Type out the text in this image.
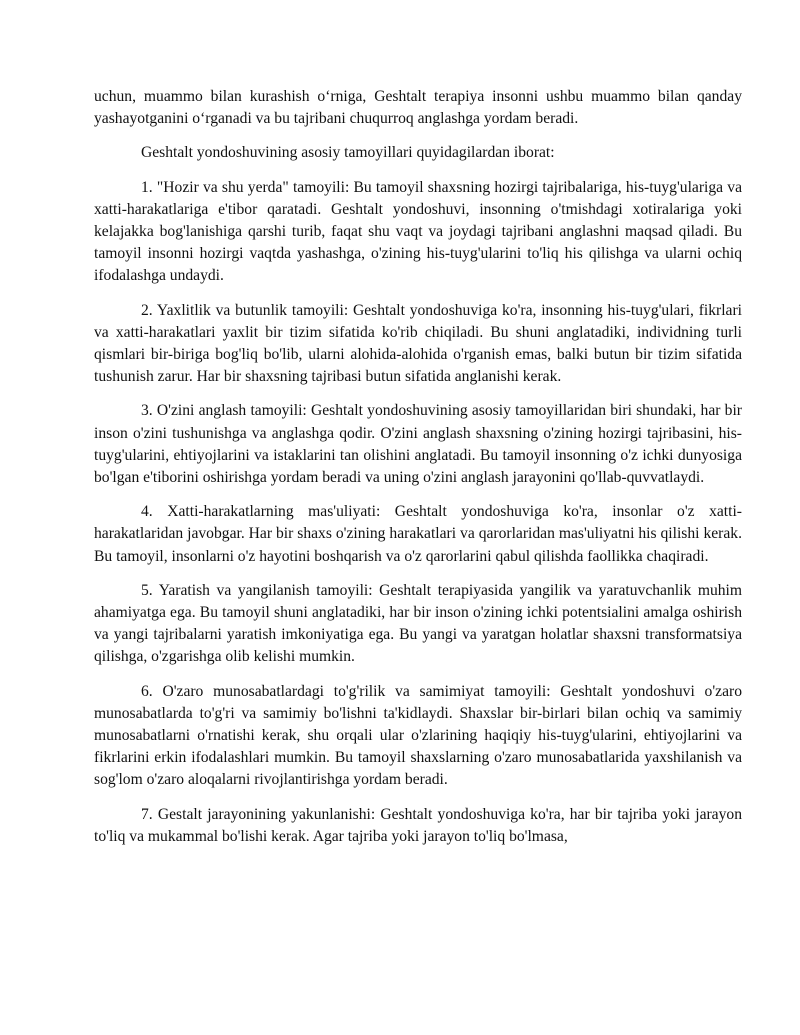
uchun, muammo bilan kurashish o‘rniga, Geshtalt terapiya insonni ushbu muammo bilan qanday yashayotganini o‘rganadi va bu tajribani chuqurroq anglashga yordam beradi.

Geshtalt yondoshuvining asosiy tamoyillari quyidagilardan iborat:

1. "Hozir va shu yerda" tamoyili: Bu tamoyil shaxsning hozirgi tajribalariga, his-tuyg'ulariga va xatti-harakatlariga e'tibor qaratadi. Geshtalt yondoshuvi, insonning o'tmishdagi xotiralariga yoki kelajakka bog'lanishiga qarshi turib, faqat shu vaqt va joydagi tajribani anglashni maqsad qiladi. Bu tamoyil insonni hozirgi vaqtda yashashga, o'zining his-tuyg'ularini to'liq his qilishga va ularni ochiq ifodalashga undaydi.

2. Yaxlitlik va butunlik tamoyili: Geshtalt yondoshuviga ko'ra, insonning his-tuyg'ulari, fikrlari va xatti-harakatlari yaxlit bir tizim sifatida ko'rib chiqiladi. Bu shuni anglatadiki, individning turli qismlari bir-biriga bog'liq bo'lib, ularni alohida-alohida o'rganish emas, balki butun bir tizim sifatida tushunish zarur. Har bir shaxsning tajribasi butun sifatida anglanishi kerak.

3. O'zini anglash tamoyili: Geshtalt yondoshuvining asosiy tamoyillaridan biri shundaki, har bir inson o'zini tushunishga va anglashga qodir. O'zini anglash shaxsning o'zining hozirgi tajribasini, his-tuyg'ularini, ehtiyojlarini va istaklarini tan olishini anglatadi. Bu tamoyil insonning o'z ichki dunyosiga bo'lgan e'tiborini oshirishga yordam beradi va uning o'zini anglash jarayonini qo'llab-quvvatlaydi.

4. Xatti-harakatlarning mas'uliyati: Geshtalt yondoshuviga ko'ra, insonlar o'z xatti-harakatlaridan javobgar. Har bir shaxs o'zining harakatlari va qarorlaridan mas'uliyatni his qilishi kerak. Bu tamoyil, insonlarni o'z hayotini boshqarish va o'z qarorlarini qabul qilishda faollikka chaqiradi.

5. Yaratish va yangilanish tamoyili: Geshtalt terapiyasida yangilik va yaratuvchanlik muhim ahamiyatga ega. Bu tamoyil shuni anglatadiki, har bir inson o'zining ichki potentsialini amalga oshirish va yangi tajribalarni yaratish imkoniyatiga ega. Bu yangi va yaratgan holatlar shaxsni transformatsiya qilishga, o'zgarishga olib kelishi mumkin.

6. O'zaro munosabatlardagi to'g'rilik va samimiyat tamoyili: Geshtalt yondoshuvi o'zaro munosabatlarda to'g'ri va samimiy bo'lishni ta'kidlaydi. Shaxslar bir-birlari bilan ochiq va samimiy munosabatlarni o'rnatishi kerak, shu orqali ular o'zlarining haqiqiy his-tuyg'ularini, ehtiyojlarini va fikrlarini erkin ifodalashlari mumkin. Bu tamoyil shaxslarning o'zaro munosabatlarida yaxshilanish va sog'lom o'zaro aloqalarni rivojlantirishga yordam beradi.

7. Gestalt jarayonining yakunlanishi: Geshtalt yondoshuviga ko'ra, har bir tajriba yoki jarayon to'liq va mukammal bo'lishi kerak. Agar tajriba yoki jarayon to'liq bo'lmasa,
